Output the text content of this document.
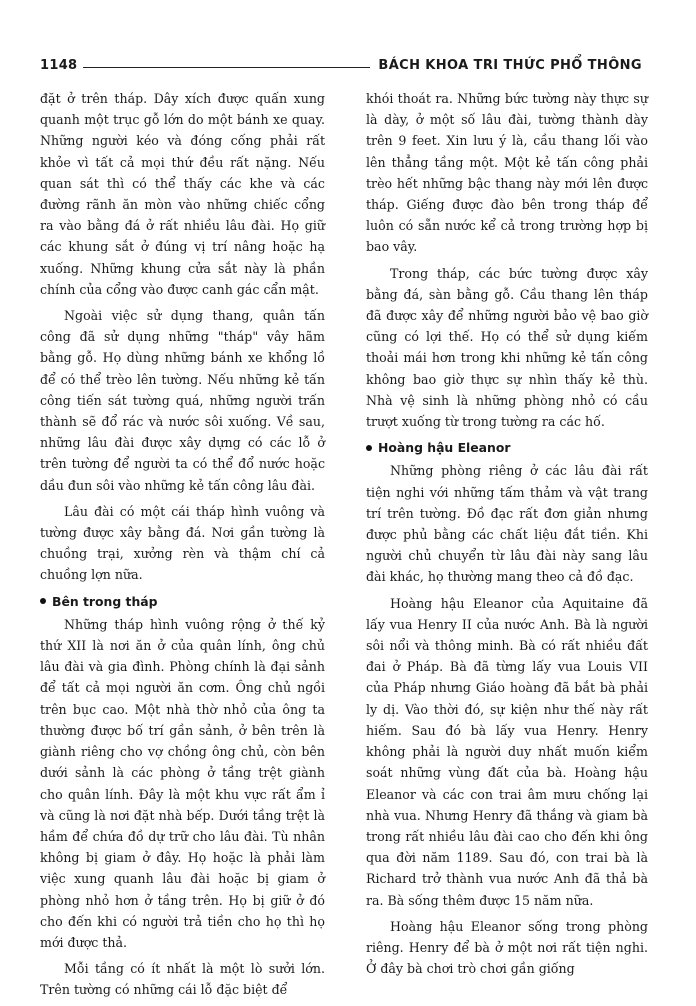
1148	BÁCH KHOA TRI THỨC PHỔ THÔNG

đặt ở trên tháp. Dây xích được quấn xung quanh một trục gỗ lớn do một bánh xe quay. Những người kéo và đóng cống phải rất khỏe vì tất cả mọi thứ đều rất nặng. Nếu quan sát thì có thể thấy các khe và các đường rãnh ăn mòn vào những chiếc cổng ra vào bằng đá ở rất nhiều lâu đài. Họ giữ các khung sắt ở đúng vị trí nâng hoặc hạ xuống. Những khung cửa sắt này là phần chính của cổng vào được canh gác cẩn mật.

Ngoài việc sử dụng thang, quân tấn công đã sử dụng những "tháp" vây hãm bằng gỗ. Họ dùng những bánh xe khổng lồ để có thể trèo lên tường. Nếu những kẻ tấn công tiến sát tường quá, những người trấn thành sẽ đổ rác và nước sôi xuống. Về sau, những lâu đài được xây dựng có các lỗ ở trên tường để người ta có thể đổ nước hoặc dầu đun sôi vào những kẻ tấn công lâu đài.

Lâu đài có một cái tháp hình vuông và tường được xây bằng đá. Nơi gần tường là chuồng trại, xưởng rèn và thậm chí cả chuồng lợn nữa.

Bên trong tháp

Những tháp hình vuông rộng ở thế kỷ thứ XII là nơi ăn ở của quân lính, ông chủ lâu đài và gia đình. Phòng chính là đại sảnh để tất cả mọi người ăn cơm. Ông chủ ngồi trên bục cao. Một nhà thờ nhỏ của ông ta thường được bố trí gần sảnh, ở bên trên là giành riêng cho vợ chồng ông chủ, còn bên dưới sảnh là các phòng ở tầng trệt giành cho quân lính. Đây là một khu vực rất ẩm ỉ và cũng là nơi đặt nhà bếp. Dưới tầng trệt là hầm để chứa đồ dự trữ cho lâu đài. Tù nhân không bị giam ở đây. Họ hoặc là phải làm việc xung quanh lâu đài hoặc bị giam ở phòng nhỏ hơn ở tầng trên. Họ bị giữ ở đó cho đến khi có người trả tiền cho họ thì họ mới được thả.

Mỗi tầng có ít nhất là một lò sưởi lớn. Trên tường có những cái lỗ đặc biệt để

khói thoát ra. Những bức tường này thực sự là dày, ở một số lâu đài, tường thành dày trên 9 feet. Xin lưu ý là, cầu thang lối vào lên thẳng tầng một. Một kẻ tấn công phải trèo hết những bậc thang này mới lên được tháp. Giếng được đào bên trong tháp để luôn có sẵn nước kể cả trong trường hợp bị bao vây.

Trong tháp, các bức tường được xây bằng đá, sàn bằng gỗ. Cầu thang lên tháp đã được xây để những người bảo vệ bao giờ cũng có lợi thế. Họ có thể sử dụng kiếm thoải mái hơn trong khi những kẻ tấn công không bao giờ thực sự nhìn thấy kẻ thù. Nhà vệ sinh là những phòng nhỏ có cầu trượt xuống từ trong tường ra các hố.

Hoàng hậu Eleanor

Những phòng riêng ở các lâu đài rất tiện nghi với những tấm thảm và vật trang trí trên tường. Đồ đạc rất đơn giản nhưng được phủ bằng các chất liệu đắt tiền. Khi người chủ chuyển từ lâu đài này sang lâu đài khác, họ thường mang theo cả đồ đạc.

Hoàng hậu Eleanor của Aquitaine đã lấy vua Henry II của nước Anh. Bà là người sôi nổi và thông minh. Bà có rất nhiều đất đai ở Pháp. Bà đã từng lấy vua Louis VII của Pháp nhưng Giáo hoàng đã bắt bà phải ly dị. Vào thời đó, sự kiện như thế này rất hiếm. Sau đó bà lấy vua Henry. Henry không phải là người duy nhất muốn kiểm soát những vùng đất của bà. Hoàng hậu Eleanor và các con trai âm mưu chống lại nhà vua. Nhưng Henry đã thắng và giam bà trong rất nhiều lâu đài cao cho đến khi ông qua đời năm 1189. Sau đó, con trai bà là Richard trở thành vua nước Anh đã thả bà ra. Bà sống thêm được 15 năm nữa.

Hoàng hậu Eleanor sống trong phòng riêng. Henry để bà ở một nơi rất tiện nghi. Ở đây bà chơi trò chơi gần giống
